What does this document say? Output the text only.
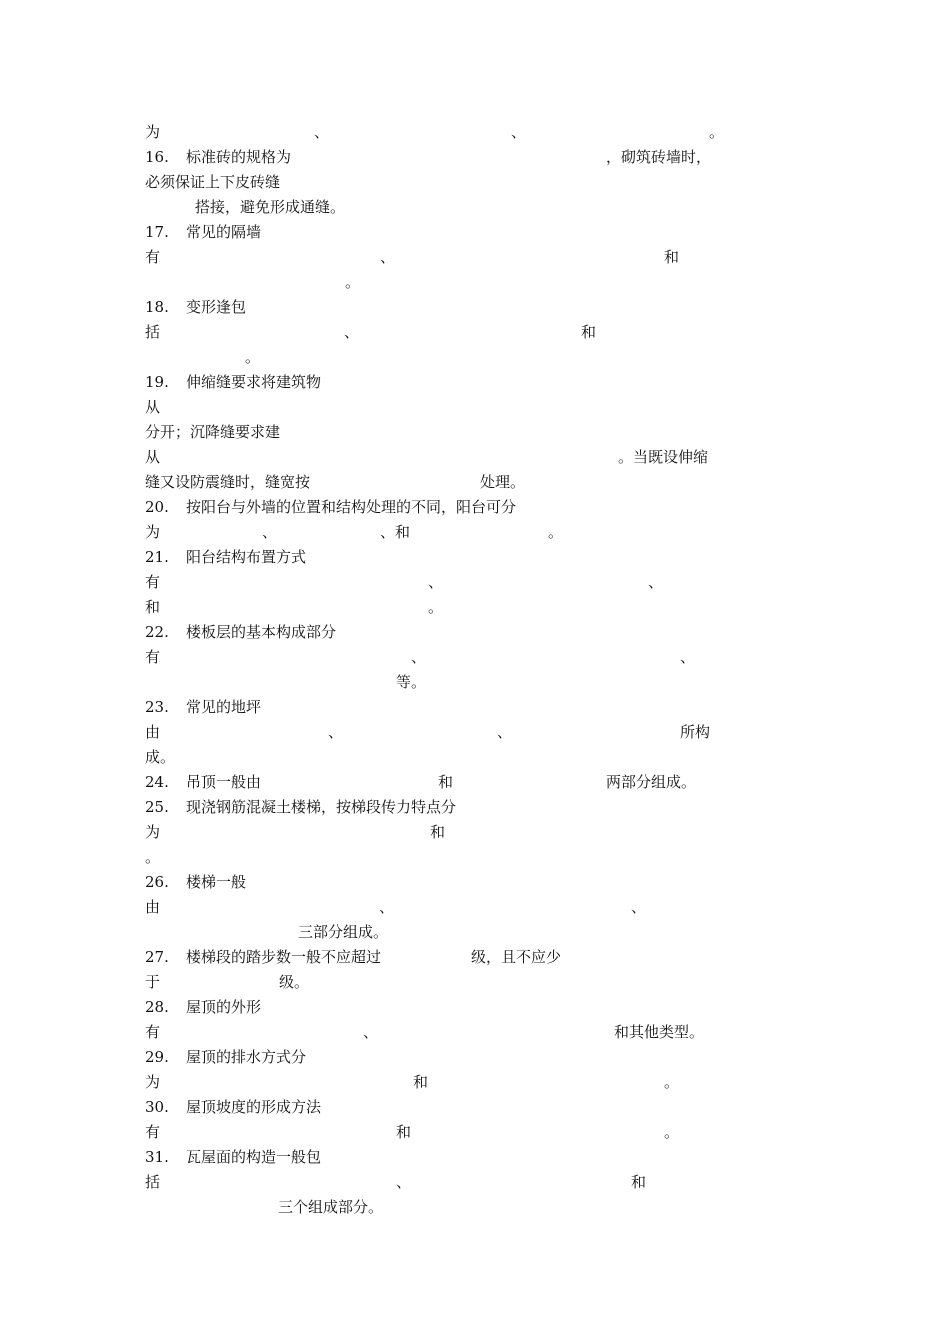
为	、	、	。
16. 标准砖的规格为	，砌筑砖墙时，
必须保证上下皮砖缝
搭接，避免形成通缝。
17. 常见的隔墙
有	、	和
。
18. 变形逢包
括	、	和
。
19. 伸缩缝要求将建筑物
从
分开；沉降缝要求建
从	。当既设伸缩
缝又设防震缝时，缝宽按	处理。
20. 按阳台与外墙的位置和结构处理的不同，阳台可分
为	、	、和	。
21. 阳台结构布置方式
有	、	、
和	。
22. 楼板层的基本构成部分
有	、	、
等。
23. 常见的地坪
由	、	、	所构
成。
24. 吊顶一般由	和	两部分组成。
25. 现浇钢筋混凝土楼梯，按梯段传力特点分
为	和
。
26. 楼梯一般
由	、	、
三部分组成。
27. 楼梯段的踏步数一般不应超过	级，且不应少
于	级。
28. 屋顶的外形
有	、	和其他类型。
29. 屋顶的排水方式分
为	和	。
30. 屋顶坡度的形成方法
有	和	。
31. 瓦屋面的构造一般包
括	、	和
三个组成部分。
